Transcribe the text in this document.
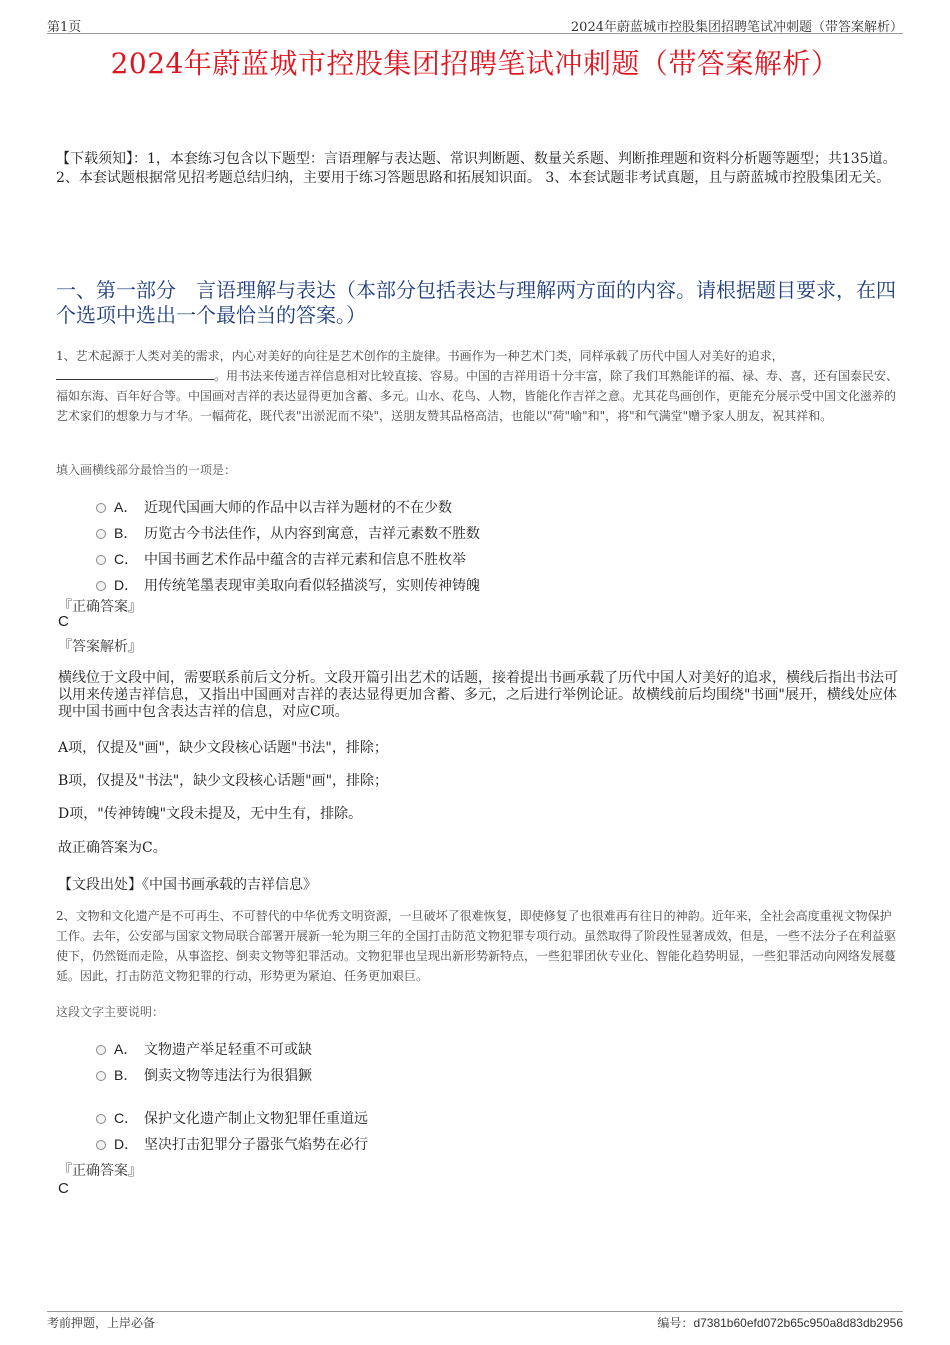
第1页	2024年蔚蓝城市控股集团招聘笔试冲刺题（带答案解析）
2024年蔚蓝城市控股集团招聘笔试冲刺题（带答案解析）
【下载须知】：1，本套练习包含以下题型：言语理解与表达题、常识判断题、数量关系题、判断推理题和资料分析题等题型；共135道。 2、本套试题根据常见招考题总结归纳，主要用于练习答题思路和拓展知识面。 3、本套试题非考试真题，且与蔚蓝城市控股集团无关。
一、第一部分　言语理解与表达（本部分包括表达与理解两方面的内容。请根据题目要求，在四个选项中选出一个最恰当的答案。）
1、艺术起源于人类对美的需求，内心对美好的向往是艺术创作的主旋律。书画作为一种艺术门类，同样承载了历代中国人对美好的追求，
。用书法来传递吉祥信息相对比较直接、容易。中国的吉祥用语十分丰富，除了我们耳熟能详的福、禄、寿、喜，还有国泰民安、福如东海、百年好合等。中国画对吉祥的表达显得更加含蓄、多元。山水、花鸟、人物，皆能化作吉祥之意。尤其花鸟画创作，更能充分展示受中国文化滋养的艺术家们的想象力与才华。一幅荷花，既代表"出淤泥而不染"，送朋友赞其品格高洁，也能以"荷"喻"和"，将"和气满堂"赠予家人朋友，祝其祥和。
填入画横线部分最恰当的一项是：
A． 近现代国画大师的作品中以吉祥为题材的不在少数
B． 历览古今书法佳作，从内容到寓意，吉祥元素数不胜数
C． 中国书画艺术作品中蕴含的吉祥元素和信息不胜枚举
D． 用传统笔墨表现审美取向看似轻描淡写，实则传神铸魄
『正确答案』
C
『答案解析』
横线位于文段中间，需要联系前后文分析。文段开篇引出艺术的话题，接着提出书画承载了历代中国人对美好的追求，横线后指出书法可以用来传递吉祥信息，又指出中国画对吉祥的表达显得更加含蓄、多元，之后进行举例论证。故横线前后均围绕"书画"展开，横线处应体现中国书画中包含表达吉祥的信息，对应C项。
A项，仅提及"画"，缺少文段核心话题"书法"，排除；
B项，仅提及"书法"，缺少文段核心话题"画"，排除；
D项，"传神铸魄"文段未提及，无中生有，排除。
故正确答案为C。
【文段出处】《中国书画承载的吉祥信息》
2、文物和文化遗产是不可再生、不可替代的中华优秀文明资源，一旦破坏了很难恢复，即使修复了也很难再有往日的神韵。近年来，全社会高度重视文物保护工作。去年，公安部与国家文物局联合部署开展新一轮为期三年的全国打击防范文物犯罪专项行动。虽然取得了阶段性显著成效，但是，一些不法分子在利益驱使下，仍然铤而走险，从事盗挖、倒卖文物等犯罪活动。文物犯罪也呈现出新形势新特点，一些犯罪团伙专业化、智能化趋势明显，一些犯罪活动向网络发展蔓延。因此，打击防范文物犯罪的行动，形势更为紧迫、任务更加艰巨。
这段文字主要说明：
A． 文物遗产举足轻重不可或缺
B． 倒卖文物等违法行为很猖獗
C． 保护文化遗产制止文物犯罪任重道远
D． 坚决打击犯罪分子嚣张气焰势在必行
『正确答案』
C
考前押题，上岸必备	编号：d7381b60efd072b65c950a8d83db2956
